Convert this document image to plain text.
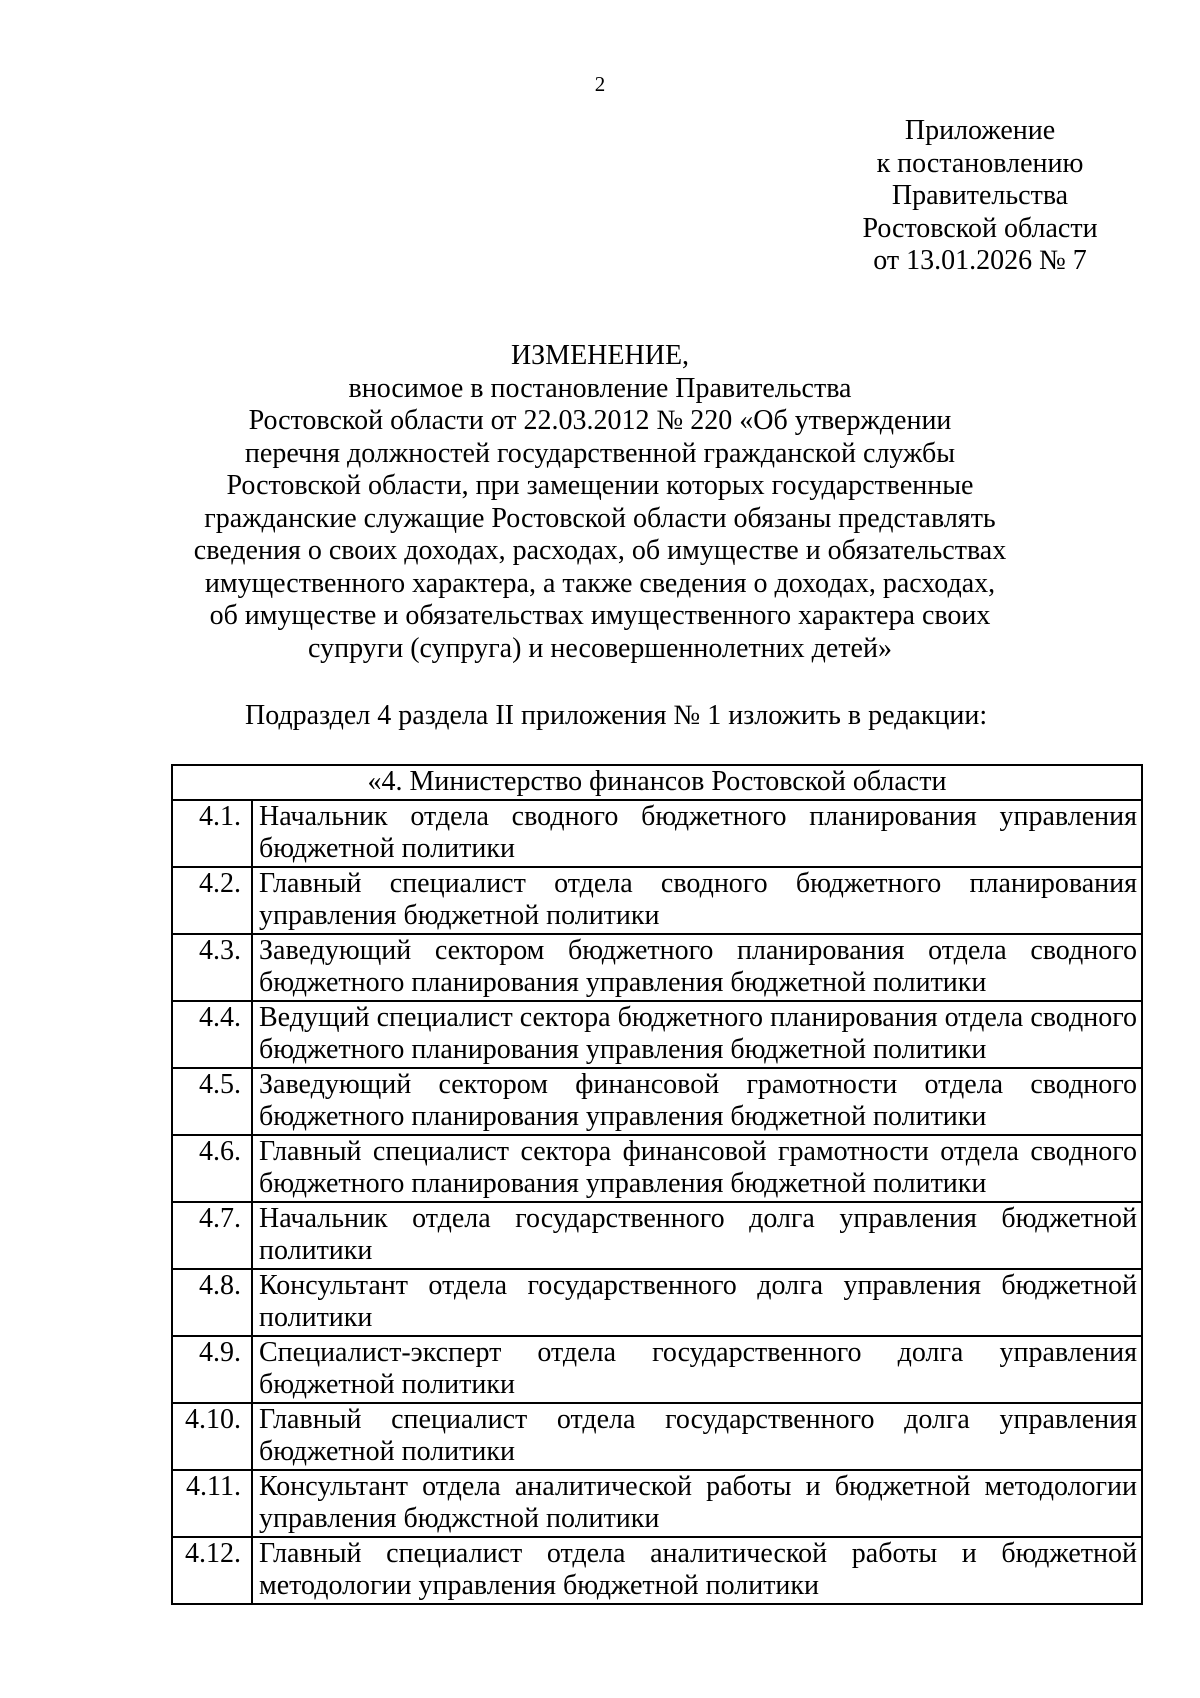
2
Приложение
к постановлению
Правительства
Ростовской области
от 13.01.2026 № 7
ИЗМЕНЕНИЕ,
вносимое в постановление Правительства
Ростовской области от 22.03.2012 № 220 «Об утверждении
перечня должностей государственной гражданской службы
Ростовской области, при замещении которых государственные
гражданские служащие Ростовской области обязаны представлять
сведения о своих доходах, расходах, об имуществе и обязательствах
имущественного характера, а также сведения о доходах, расходах,
об имуществе и обязательствах имущественного характера своих
супруги (супруга) и несовершеннолетних детей»
Подраздел 4 раздела II приложения № 1 изложить в редакции:
«4. Министерство финансов Ростовской области	
4.1.	Начальник отдела сводного бюджетного планирования управления бюджетной политики
4.2.	Главный специалист отдела сводного бюджетного планирования управления бюджетной политики
4.3.	Заведующий сектором бюджетного планирования отдела сводного бюджетного планирования управления бюджетной политики
4.4.	Ведущий специалист сектора бюджетного планирования отдела сводного бюджетного планирования управления бюджетной политики
4.5.	Заведующий сектором финансовой грамотности отдела сводного бюджетного планирования управления бюджетной политики
4.6.	Главный специалист сектора финансовой грамотности отдела сводного бюджетного планирования управления бюджетной политики
4.7.	Начальник отдела государственного долга управления бюджетной политики
4.8.	Консультант отдела государственного долга управления бюджетной политики
4.9.	Специалист-эксперт отдела государственного долга управления бюджетной политики
4.10.	Главный специалист отдела государственного долга управления бюджетной политики
4.11.	Консультант отдела аналитической работы и бюджетной методологии управления бюджстной политики
4.12.	Главный специалист отдела аналитической работы и бюджетной методологии управления бюджетной политики
